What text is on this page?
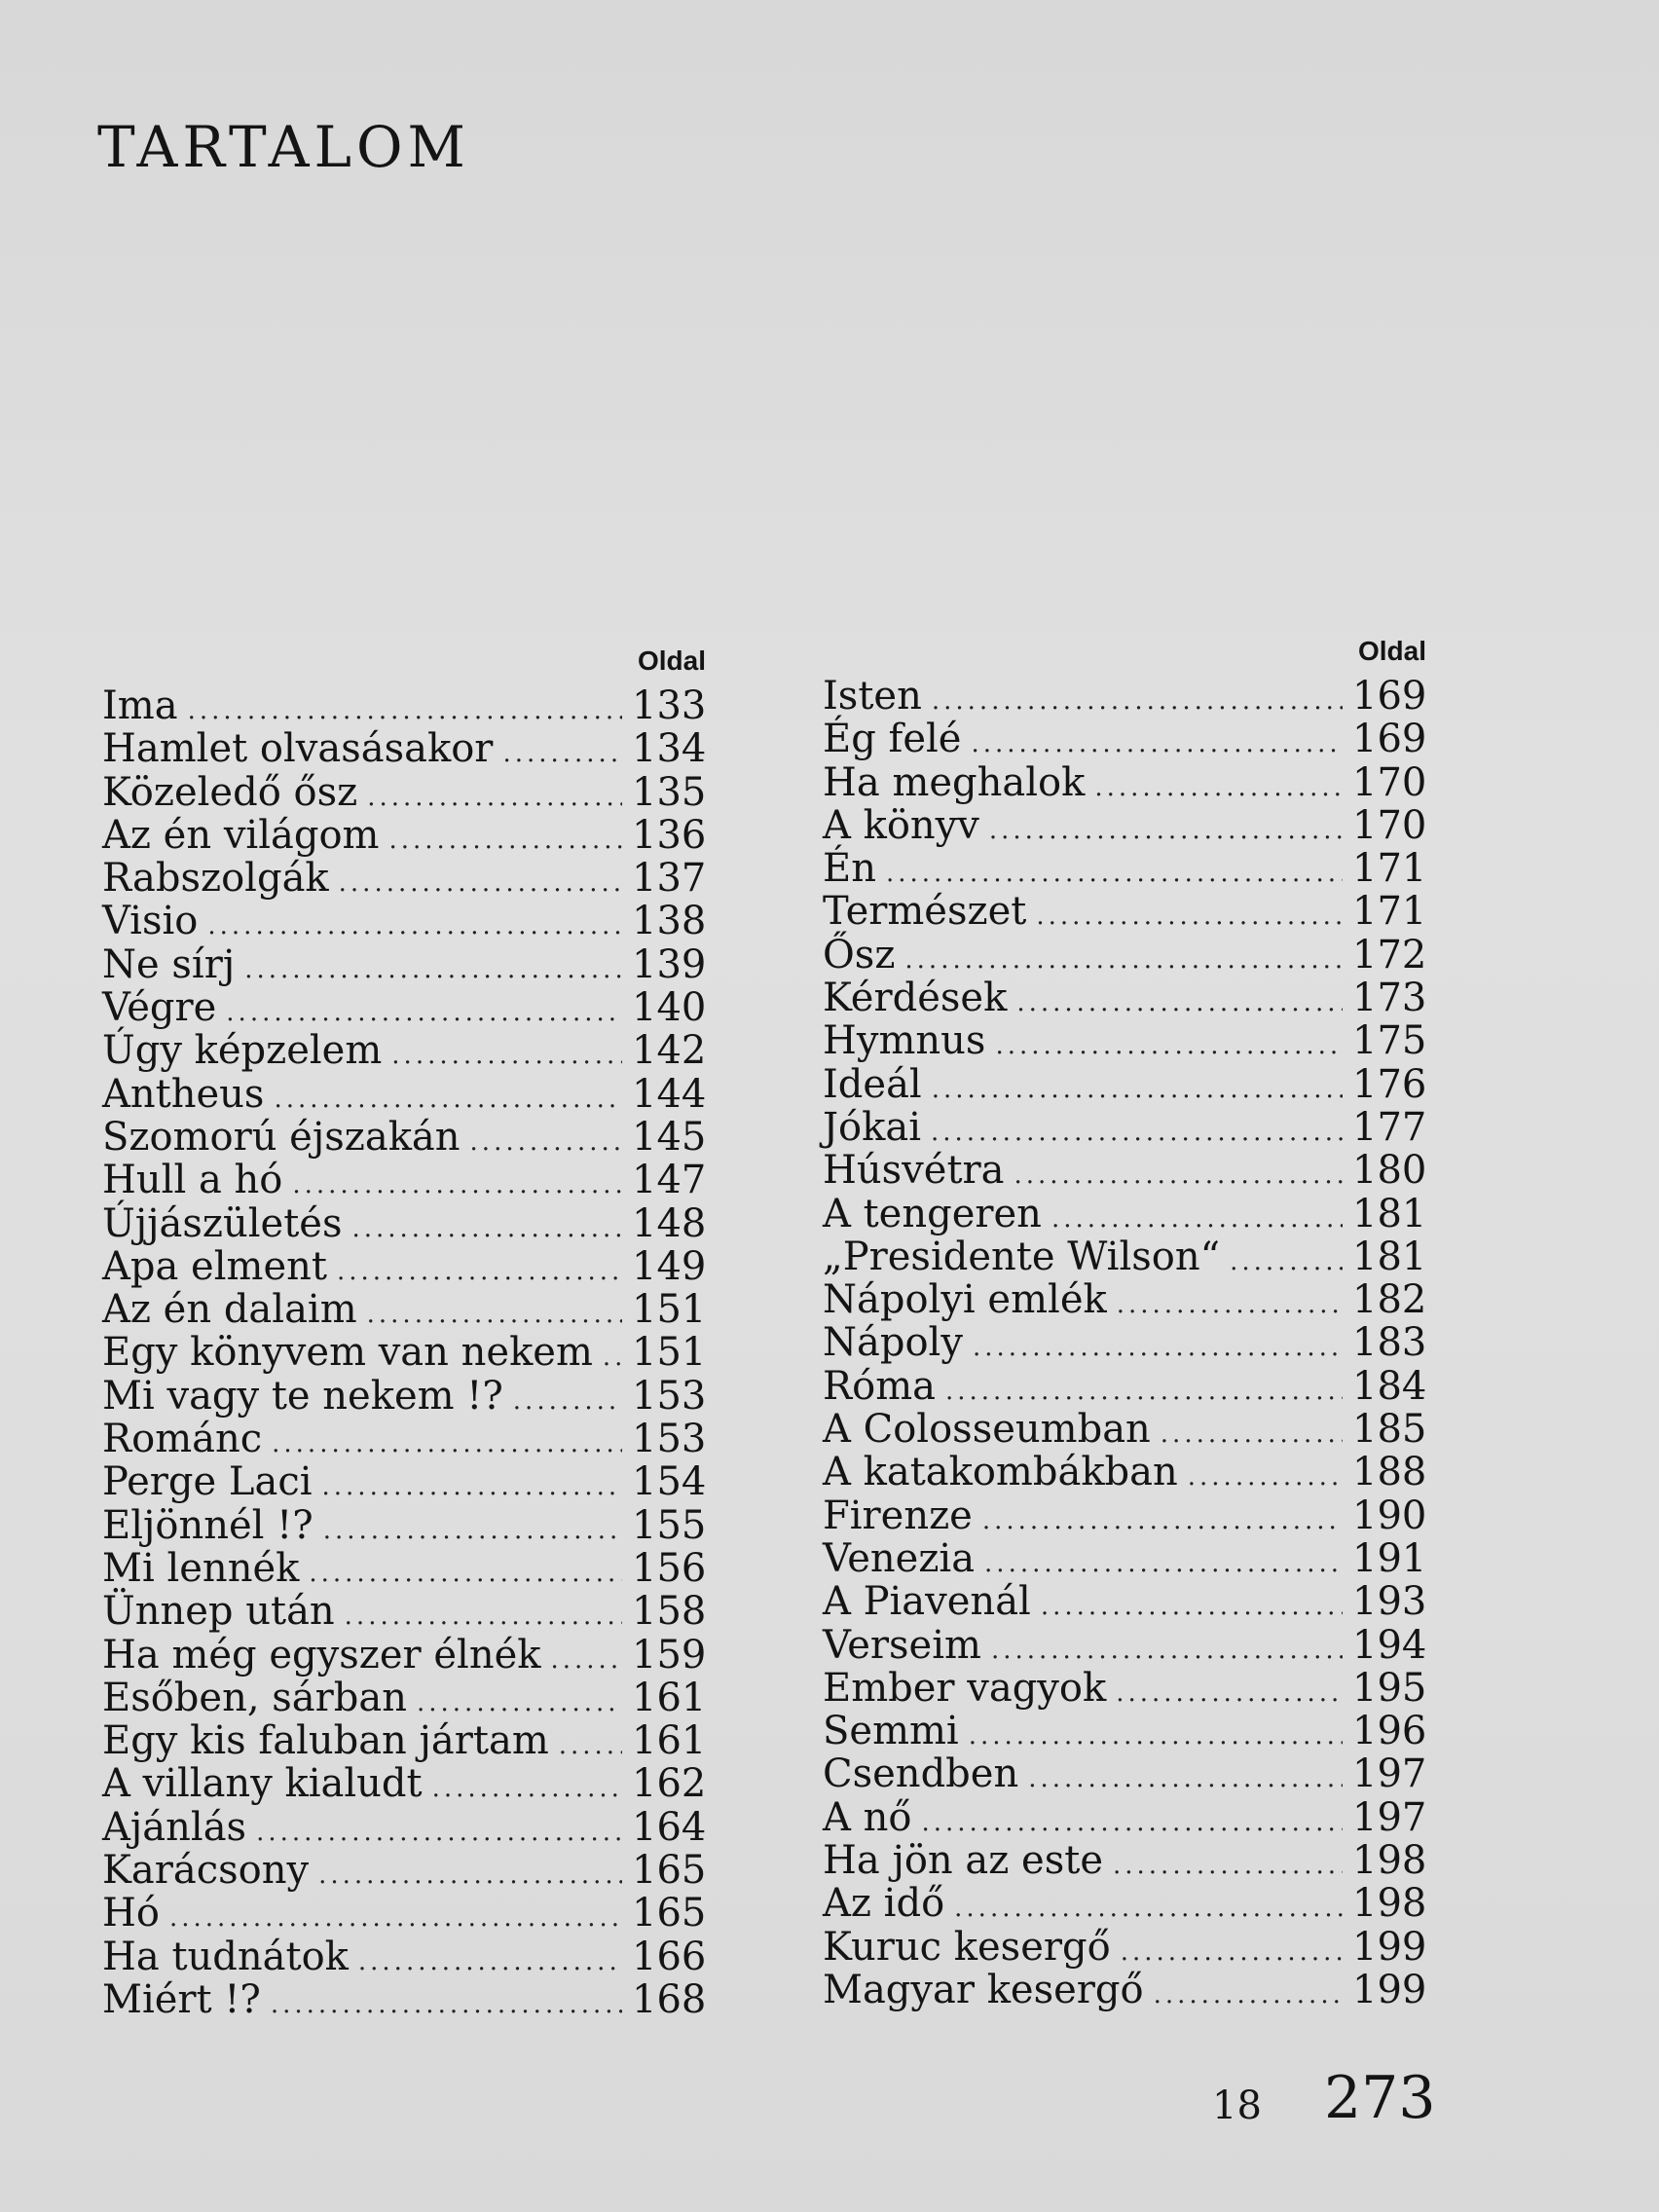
TARTALOM
Oldal
Ima .....	133
Hamlet olvasásakor .....	134
Közeledő ősz .....	135
Az én világom .....	136
Rabszolgák .....	137
Visio .....	138
Ne sírj .....	139
Végre .....	140
Úgy képzelem .....	142
Antheus .....	144
Szomorú éjszakán .....	145
Hull a hó .....	147
Újjászületés .....	148
Apa elment .....	149
Az én dalaim .....	151
Egy könyvem van nekem ..... 151
Mi vagy te nekem !? .....	153
Románc .....	153
Perge Laci .....	154
Eljönnél !? .....	155
Mi lennék .....	156
Ünnep után .....	158
Ha még egyszer élnék ..... 159
Esőben, sárban .....	161
Egy kis faluban jártam ..... 161
A villany kialudt .....	162
Ajánlás .....	164
Karácsony .....	165
Hó .....	165
Ha tudnátok .....	166
Miért !? .....	168
Oldal
Isten .....	169
Ég felé .....	169
Ha meghalok .....	170
A könyv .....	170
Én .....	171
Természet .....	171
Ősz .....	172
Kérdések .....	173
Hymnus .....	175
Ideál .....	176
Jókai .....	177
Húsvétra .....	180
A tengeren .....	181
„Presidente Wilson“ .....	181
Nápolyi emlék .....	182
Nápoly .....	183
Róma .....	184
A Colosseumban .....	185
A katakombákban .....	188
Firenze .....	190
Venezia .....	191
A Piavenál .....	193
Verseim .....	194
Ember vagyok .....	195
Semmi .....	196
Csendben .....	197
A nő .....	197
Ha jön az este .....	198
Az idő .....	198
Kuruc kesergő .....	199
Magyar kesergő .....	199
18 273
